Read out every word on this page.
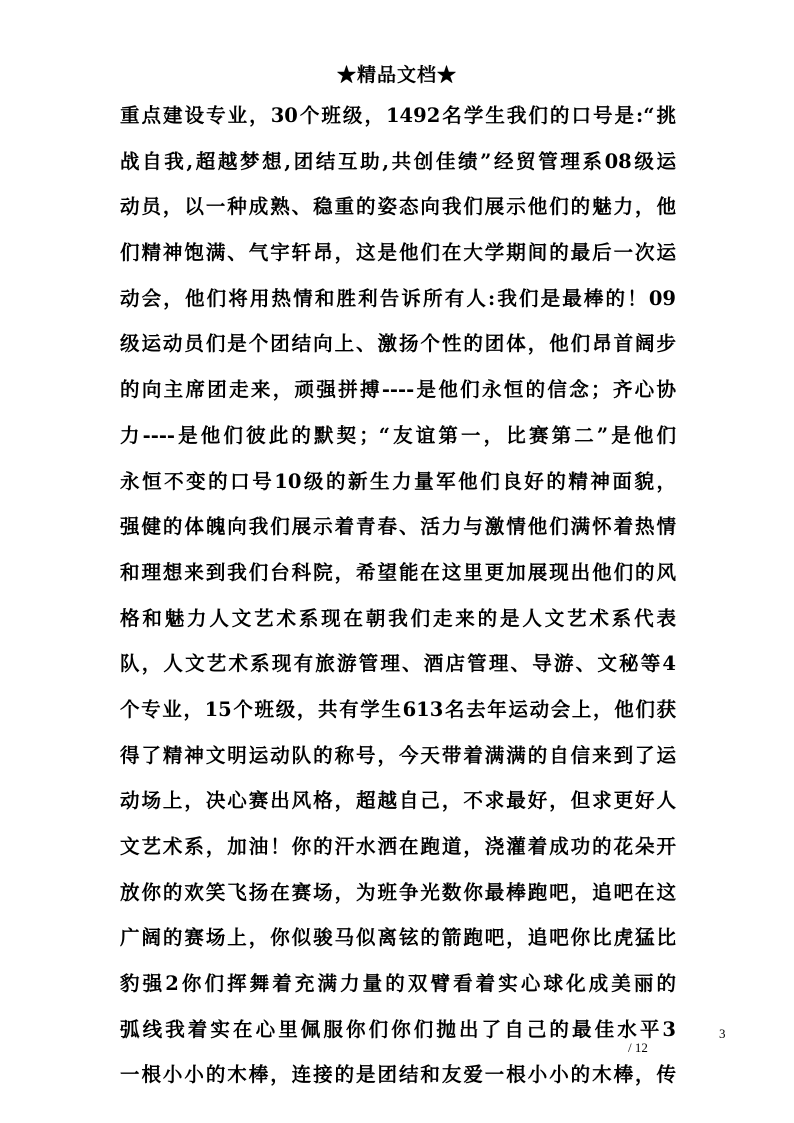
★精品文档★
重点建设专业，30个班级，1492名学生我们的口号是:“挑
战自我,超越梦想,团结互助,共创佳绩”经贸管理系08级运
动员，以一种成熟、稳重的姿态向我们展示他们的魅力，他
们精神饱满、气宇轩昂，这是他们在大学期间的最后一次运
动会，他们将用热情和胜利告诉所有人:我们是最棒的！09
级运动员们是个团结向上、激扬个性的团体，他们昂首阔步
的向主席团走来，顽强拼搏----是他们永恒的信念；齐心协
力----是他们彼此的默契；“友谊第一，比赛第二”是他们
永恒不变的口号10级的新生力量军他们良好的精神面貌，
强健的体魄向我们展示着青春、活力与激情他们满怀着热情
和理想来到我们台科院，希望能在这里更加展现出他们的风
格和魅力人文艺术系现在朝我们走来的是人文艺术系代表
队，人文艺术系现有旅游管理、酒店管理、导游、文秘等4
个专业，15个班级，共有学生613名去年运动会上，他们获
得了精神文明运动队的称号，今天带着满满的自信来到了运
动场上，决心赛出风格，超越自己，不求最好，但求更好人
文艺术系，加油！你的汗水洒在跑道，浇灌着成功的花朵开
放你的欢笑飞扬在赛场，为班争光数你最棒跑吧，追吧在这
广阔的赛场上，你似骏马似离铉的箭跑吧，追吧你比虎猛比
豹强2你们挥舞着充满力量的双臂看着实心球化成美丽的
弧线我着实在心里佩服你们你们抛出了自己的最佳水平3
一根小小的木棒，连接的是团结和友爱一根小小的木棒，传
3
/ 12
